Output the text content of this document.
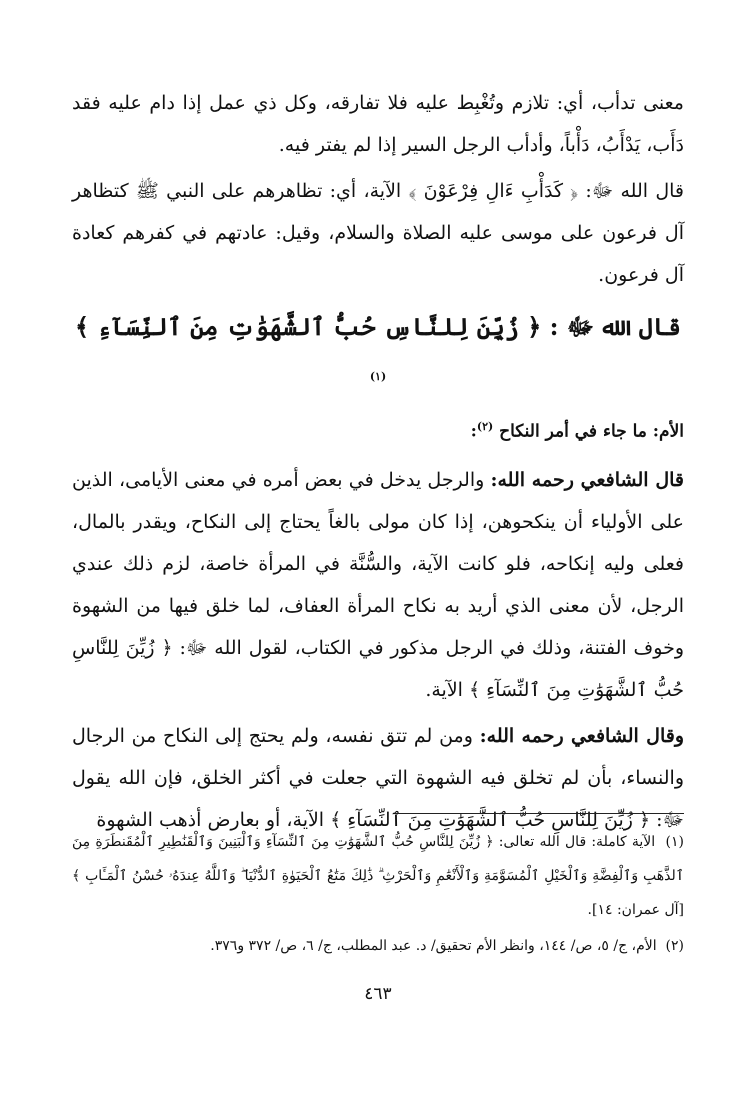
معنى تدأب، أي: تلازم وتُغْبِط عليه فلا تفارقه، وكل ذي عمل إذا دام عليه فقد دَأَب، يَدْأَبُ، دَأْباً، وأدأب الرجل السير إذا لم يفتر فيه.

قال الله ﷻ: ﴿ كَدَأْبِ ءَالِ فِرْعَوْنَ ﴾ الآية، أي: تظاهرهم على النبي ﷺ كتظاهر آل فرعون على موسى عليه الصلاة والسلام، وقيل: عادتهم في كفرهم كعادة آل فرعون.

قال الله ﷻ : ﴿ زُيِّنَ لِلنَّاسِ حُبُّ ٱلشَّهَوَٰتِ مِنَ ٱلنِّسَآءِ ﴾ $^{(١)}$

الأم: ما جاء في أمر النكاح $^{(٢)}$:

قال الشافعي رحمه الله: والرجل يدخل في بعض أمره في معنى الأيامى، الذين على الأولياء أن ينكحوهن، إذا كان مولى بالغاً يحتاج إلى النكاح، ويقدر بالمال، فعلى وليه إنكاحه، فلو كانت الآية، والسُّنَّة في المرأة خاصة، لزم ذلك عندي الرجل، لأن معنى الذي أريد به نكاح المرأة العفاف، لما خلق فيها من الشهوة وخوف الفتنة، وذلك في الرجل مذكور في الكتاب، لقول الله ﷻ: ﴿ زُيِّنَ لِلنَّاسِ حُبُّ ٱلشَّهَوَٰتِ مِنَ ٱلنِّسَآءِ ﴾ الآية.

وقال الشافعي رحمه الله: ومن لم تتق نفسه، ولم يحتج إلى النكاح من الرجال والنساء، بأن لم تخلق فيه الشهوة التي جعلت في أكثر الخلق، فإن الله يقول ﷻ: ﴿ زُيِّنَ لِلنَّاسِ حُبُّ ٱلشَّهَوَٰتِ مِنَ ٱلنِّسَآءِ ﴾ الآية، أو بعارض أذهب الشهوة

(١)  الآية كاملة: قال الله تعالى: ﴿ زُيِّنَ لِلنَّاسِ حُبُّ ٱلشَّهَوَٰتِ مِنَ ٱلنِّسَآءِ وَٱلْبَنِينَ وَٱلْقَنَٰطِيرِ ٱلْمُقَنطَرَةِ مِنَ ٱلذَّهَبِ وَٱلْفِضَّةِ وَٱلْخَيْلِ ٱلْمُسَوَّمَةِ وَٱلْأَنْعَٰمِ وَٱلْحَرْثِ ۗ ذَٰلِكَ مَتَٰعُ ٱلْحَيَوٰةِ ٱلدُّنْيَا ۖ وَٱللَّهُ عِندَهُۥ حُسْنُ ٱلْمَـَٔابِ ﴾ [آل عمران: ١٤].

(٢)  الأم، ج/ ٥، ص/ ١٤٤، وانظر الأم تحقيق/ د. عبد المطلب، ج/ ٦، ص/ ٣٧٢ و٣٧٦.

٤٦٣
